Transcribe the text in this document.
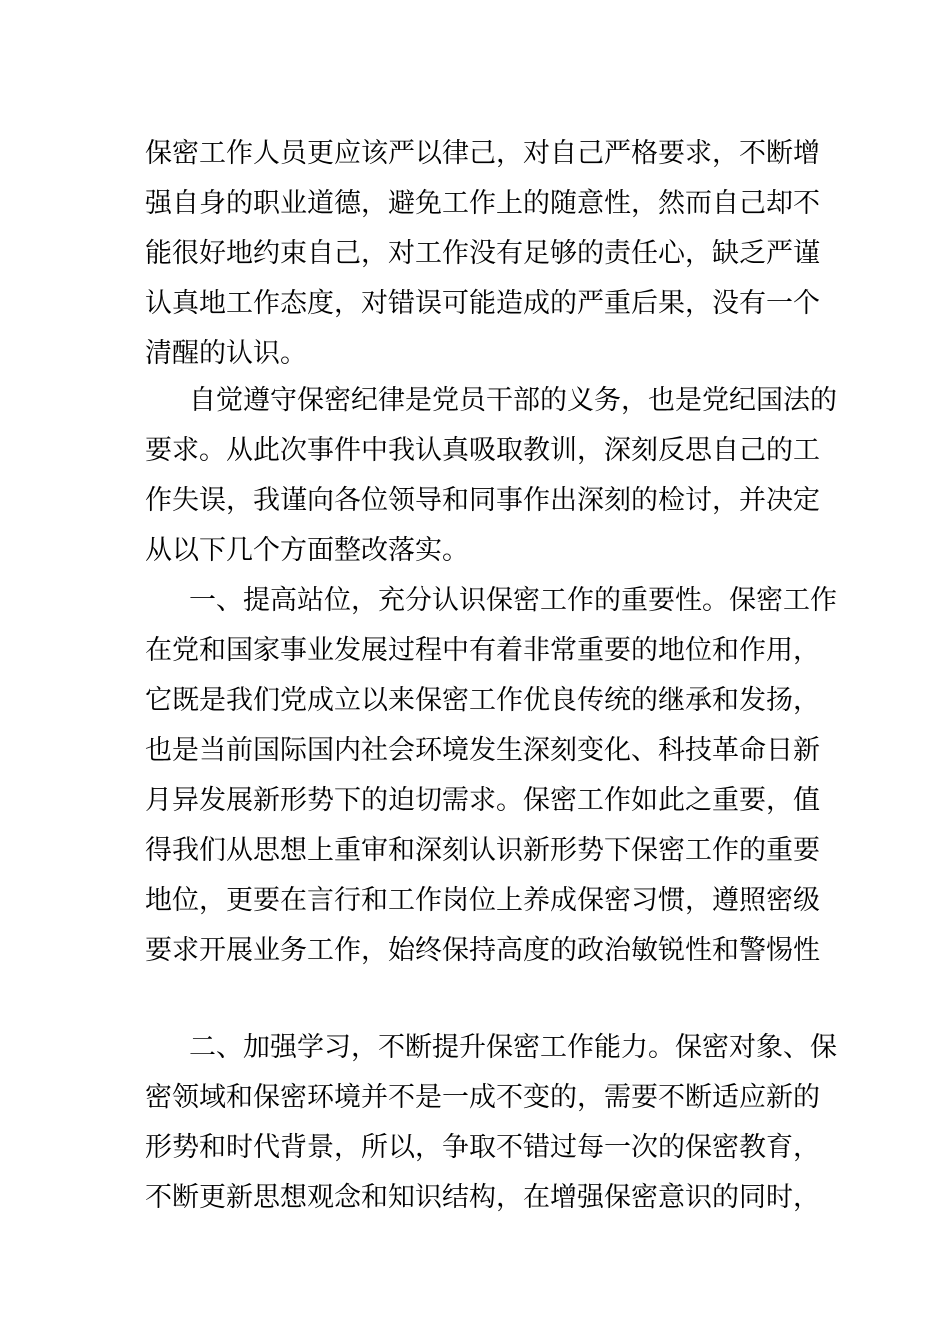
保密工作人员更应该严以律己，对自己严格要求，不断增
强自身的职业道德，避免工作上的随意性，然而自己却不
能很好地约束自己，对工作没有足够的责任心，缺乏严谨
认真地工作态度，对错误可能造成的严重后果，没有一个
清醒的认识。
自觉遵守保密纪律是党员干部的义务，也是党纪国法的
要求。从此次事件中我认真吸取教训，深刻反思自己的工
作失误，我谨向各位领导和同事作出深刻的检讨，并决定
从以下几个方面整改落实。
一、提高站位，充分认识保密工作的重要性。保密工作
在党和国家事业发展过程中有着非常重要的地位和作用，
它既是我们党成立以来保密工作优良传统的继承和发扬，
也是当前国际国内社会环境发生深刻变化、科技革命日新
月异发展新形势下的迫切需求。保密工作如此之重要，值
得我们从思想上重审和深刻认识新形势下保密工作的重要
地位，更要在言行和工作岗位上养成保密习惯，遵照密级
要求开展业务工作，始终保持高度的政治敏锐性和警惕性
二、加强学习，不断提升保密工作能力。保密对象、保
密领域和保密环境并不是一成不变的，需要不断适应新的
形势和时代背景，所以，争取不错过每一次的保密教育，
不断更新思想观念和知识结构，在增强保密意识的同时，
